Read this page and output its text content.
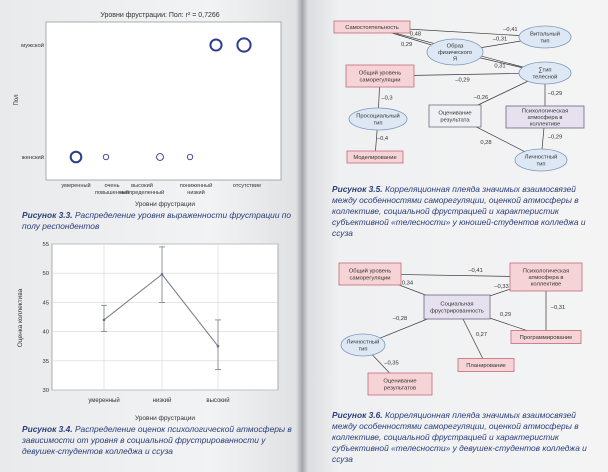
Уровни фрустрации: Пол: r² = 0,7266
Пол
Уровни фрустрации
умеренный очень
повышенный
высокий
неопределенный
пониженный
низкий
отсутствие
женский
мужской
Рисунок 3.3. Распределение уровня выраженности фрустрации по полу респондентов
Оценка коллектива
Уровни фрустрации
30
35
40
45
50
55
умеренный	низкий	высокий
Рисунок 3.4. Распределение оценок психологической атмосферы в зависимости от уровня в социальной фрустрированности у девушек-студентов колледжа и ссуза
0,48
–0,41
0,29
–0,31
0,31
–0,29
–0,3
–0,4
–0,26
0,28
–0,29
–0,29
Самостоятельность
Образ
физического
Я
Витальный
тип
Общий уровень
саморегуляции
∑тип
телесной
Просоциальный
тип
Оценивание
результата
Психологическая
атмосфера в
коллективе
Моделирование	Личностный
тип
Рисунок 3.5. Корреляционная плеяда значимых взаимосвязей между особенностями саморегуляции, оценкой атмосферы в коллективе, социальной фрустрацией и характеристик субъективной «телесности» у юношей-студентов колледжа и ссуза
0,34
–0,41
–0,33
–0,28
0,29
0,27
–0,31
–0,35
Общий уровень
саморегуляции
Психологическая
атмосфера в
коллективе
Социальная
фрустрированность
Личностный
тип
Программирование
Планирование
Оценивание
результатов
Рисунок 3.6. Корреляционная плеяда значимых взаимосвязей между особенностями саморегуляции, оценкой атмосферы в коллективе, социальной фрустрацией и характеристик субъективной «телесности» у девушек-студентов колледжа и ссуза
